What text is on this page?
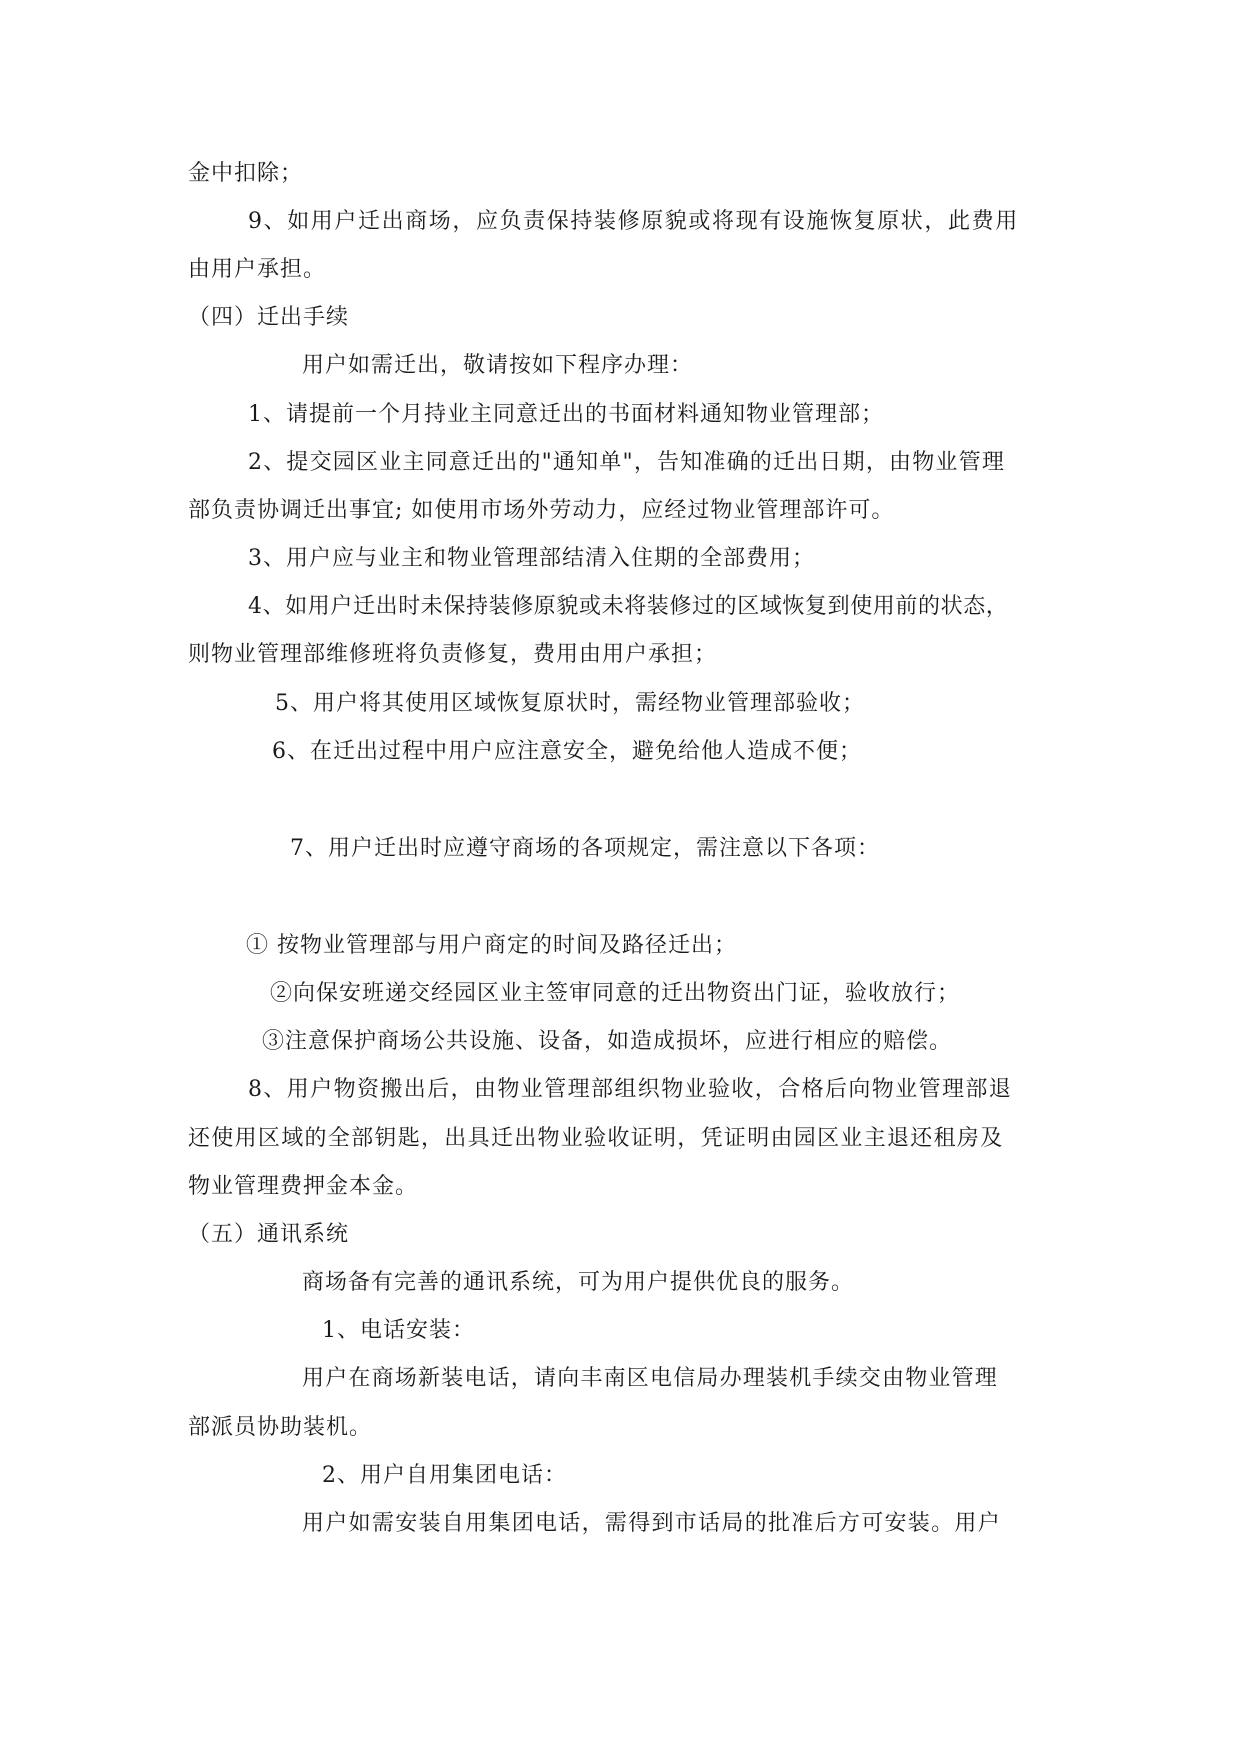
金中扣除；
9、如用户迁出商场，应负责保持装修原貌或将现有设施恢复原状，此费用
由用户承担。
（四）迁出手续
用户如需迁出，敬请按如下程序办理：
1、请提前一个月持业主同意迁出的书面材料通知物业管理部；
2、提交园区业主同意迁出的"通知单"，告知准确的迁出日期，由物业管理
部负责协调迁出事宜; 如使用市场外劳动力，应经过物业管理部许可。
3、用户应与业主和物业管理部结清入住期的全部费用；
4、如用户迁出时未保持装修原貌或未将装修过的区域恢复到使用前的状态，
则物业管理部维修班将负责修复，费用由用户承担；
5、用户将其使用区域恢复原状时，需经物业管理部验收；
6、在迁出过程中用户应注意安全，避免给他人造成不便；
7、用户迁出时应遵守商场的各项规定，需注意以下各项：
① 按物业管理部与用户商定的时间及路径迁出；
②向保安班递交经园区业主签审同意的迁出物资出门证，验收放行；
③注意保护商场公共设施、设备，如造成损坏，应进行相应的赔偿。
8、用户物资搬出后，由物业管理部组织物业验收，合格后向物业管理部退
还使用区域的全部钥匙，出具迁出物业验收证明，凭证明由园区业主退还租房及
物业管理费押金本金。
（五）通讯系统
商场备有完善的通讯系统，可为用户提供优良的服务。
1、电话安装：
用户在商场新装电话，请向丰南区电信局办理装机手续交由物业管理
部派员协助装机。
2、用户自用集团电话：
用户如需安装自用集团电话，需得到市话局的批准后方可安装。用户
